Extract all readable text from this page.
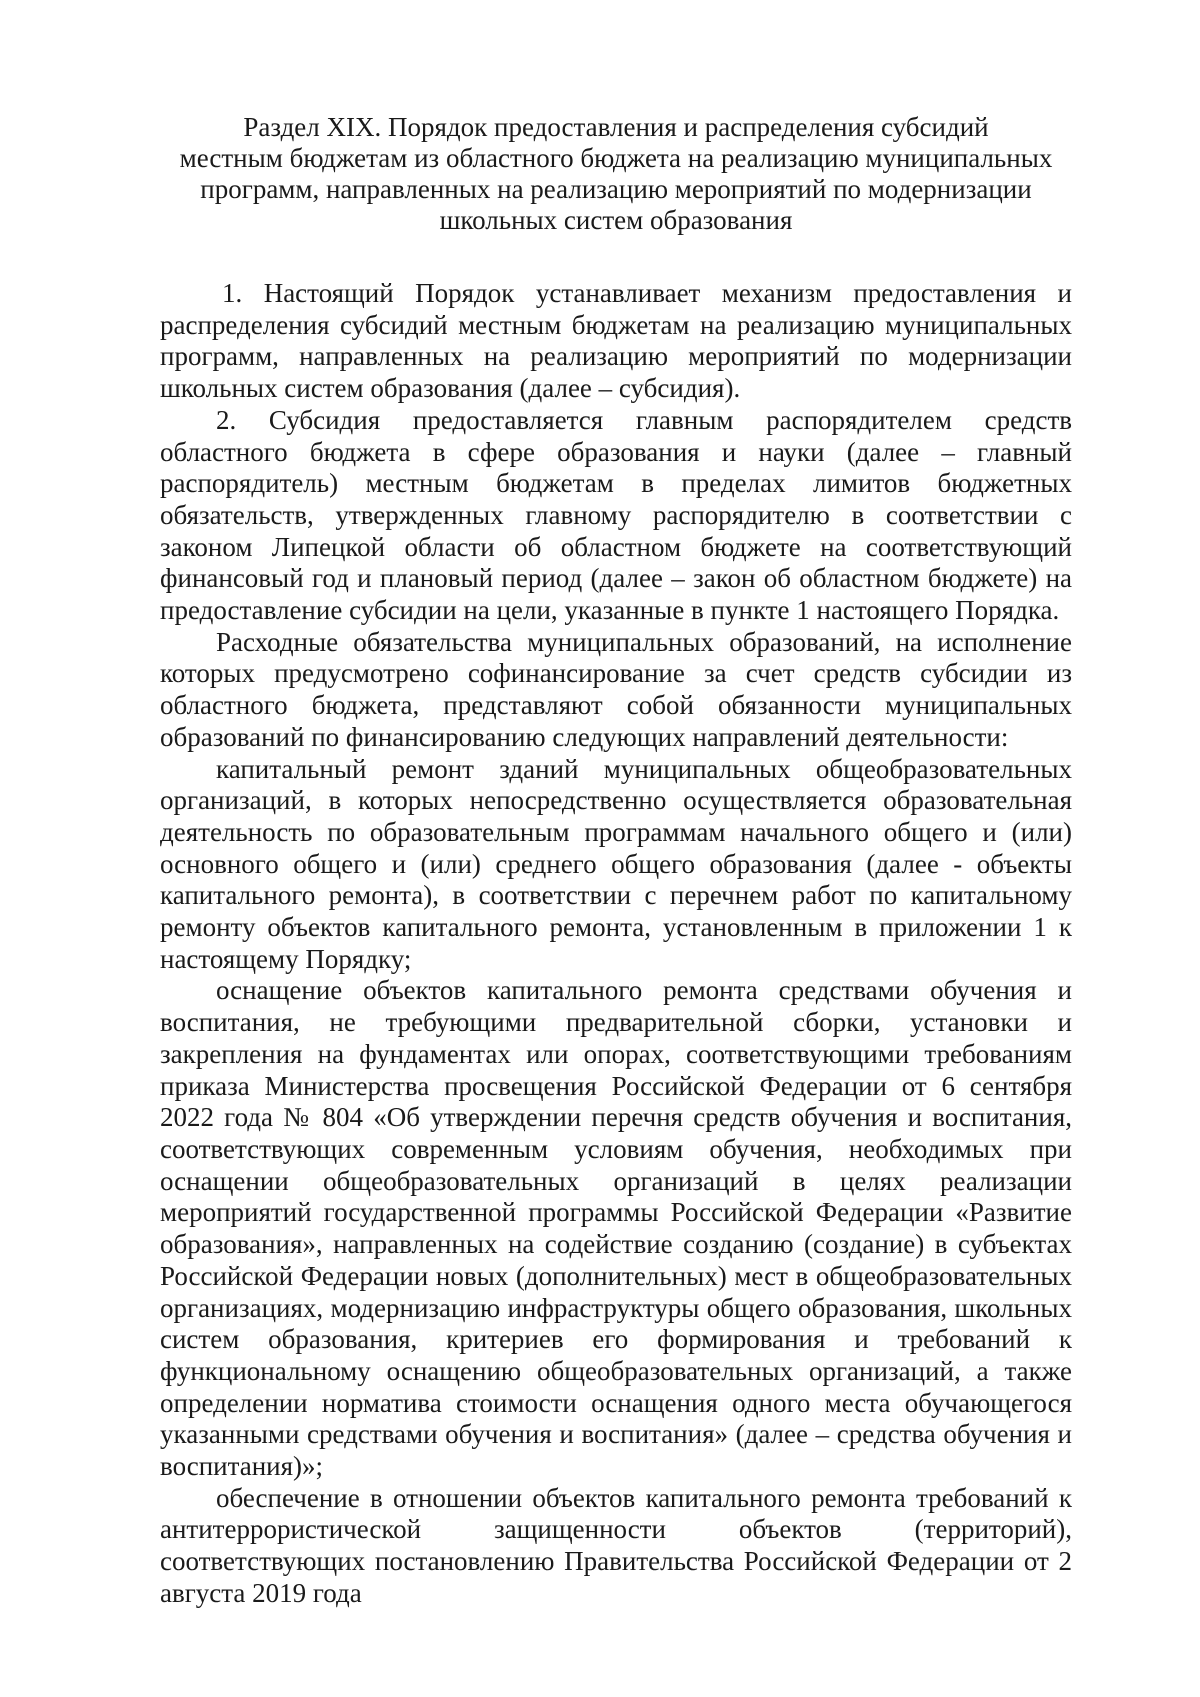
Раздел XIX. Порядок предоставления и распределения субсидий
местным бюджетам из областного бюджета на реализацию муниципальных
программ, направленных на реализацию мероприятий по модернизации
школьных систем образования

1. Настоящий Порядок устанавливает механизм предоставления и распределения субсидий местным бюджетам на реализацию муниципальных программ, направленных на реализацию мероприятий по модернизации школьных систем образования (далее – субсидия).

2. Субсидия предоставляется главным распорядителем средств областного бюджета в сфере образования и науки (далее – главный распорядитель) местным бюджетам в пределах лимитов бюджетных обязательств, утвержденных главному распорядителю в соответствии с законом Липецкой области об областном бюджете на соответствующий финансовый год и плановый период (далее – закон об областном бюджете) на предоставление субсидии на цели, указанные в пункте 1 настоящего Порядка.

Расходные обязательства муниципальных образований, на исполнение которых предусмотрено софинансирование за счет средств субсидии из областного бюджета, представляют собой обязанности муниципальных образований по финансированию следующих направлений деятельности:

капитальный ремонт зданий муниципальных общеобразовательных организаций, в которых непосредственно осуществляется образовательная деятельность по образовательным программам начального общего и (или) основного общего и (или) среднего общего образования (далее - объекты капитального ремонта), в соответствии с перечнем работ по капитальному ремонту объектов капитального ремонта, установленным в приложении 1 к настоящему Порядку;

оснащение объектов капитального ремонта средствами обучения и воспитания, не требующими предварительной сборки, установки и закрепления на фундаментах или опорах, соответствующими требованиям приказа Министерства просвещения Российской Федерации от 6 сентября 2022 года № 804 «Об утверждении перечня средств обучения и воспитания, соответствующих современным условиям обучения, необходимых при оснащении общеобразовательных организаций в целях реализации мероприятий государственной программы Российской Федерации «Развитие образования», направленных на содействие созданию (создание) в субъектах Российской Федерации новых (дополнительных) мест в общеобразовательных организациях, модернизацию инфраструктуры общего образования, школьных систем образования, критериев его формирования и требований к функциональному оснащению общеобразовательных организаций, а также определении норматива стоимости оснащения одного места обучающегося указанными средствами обучения и воспитания» (далее – средства обучения и воспитания)»;

обеспечение в отношении объектов капитального ремонта требований к антитеррористической защищенности объектов (территорий), соответствующих постановлению Правительства Российской Федерации от 2 августа 2019 года
